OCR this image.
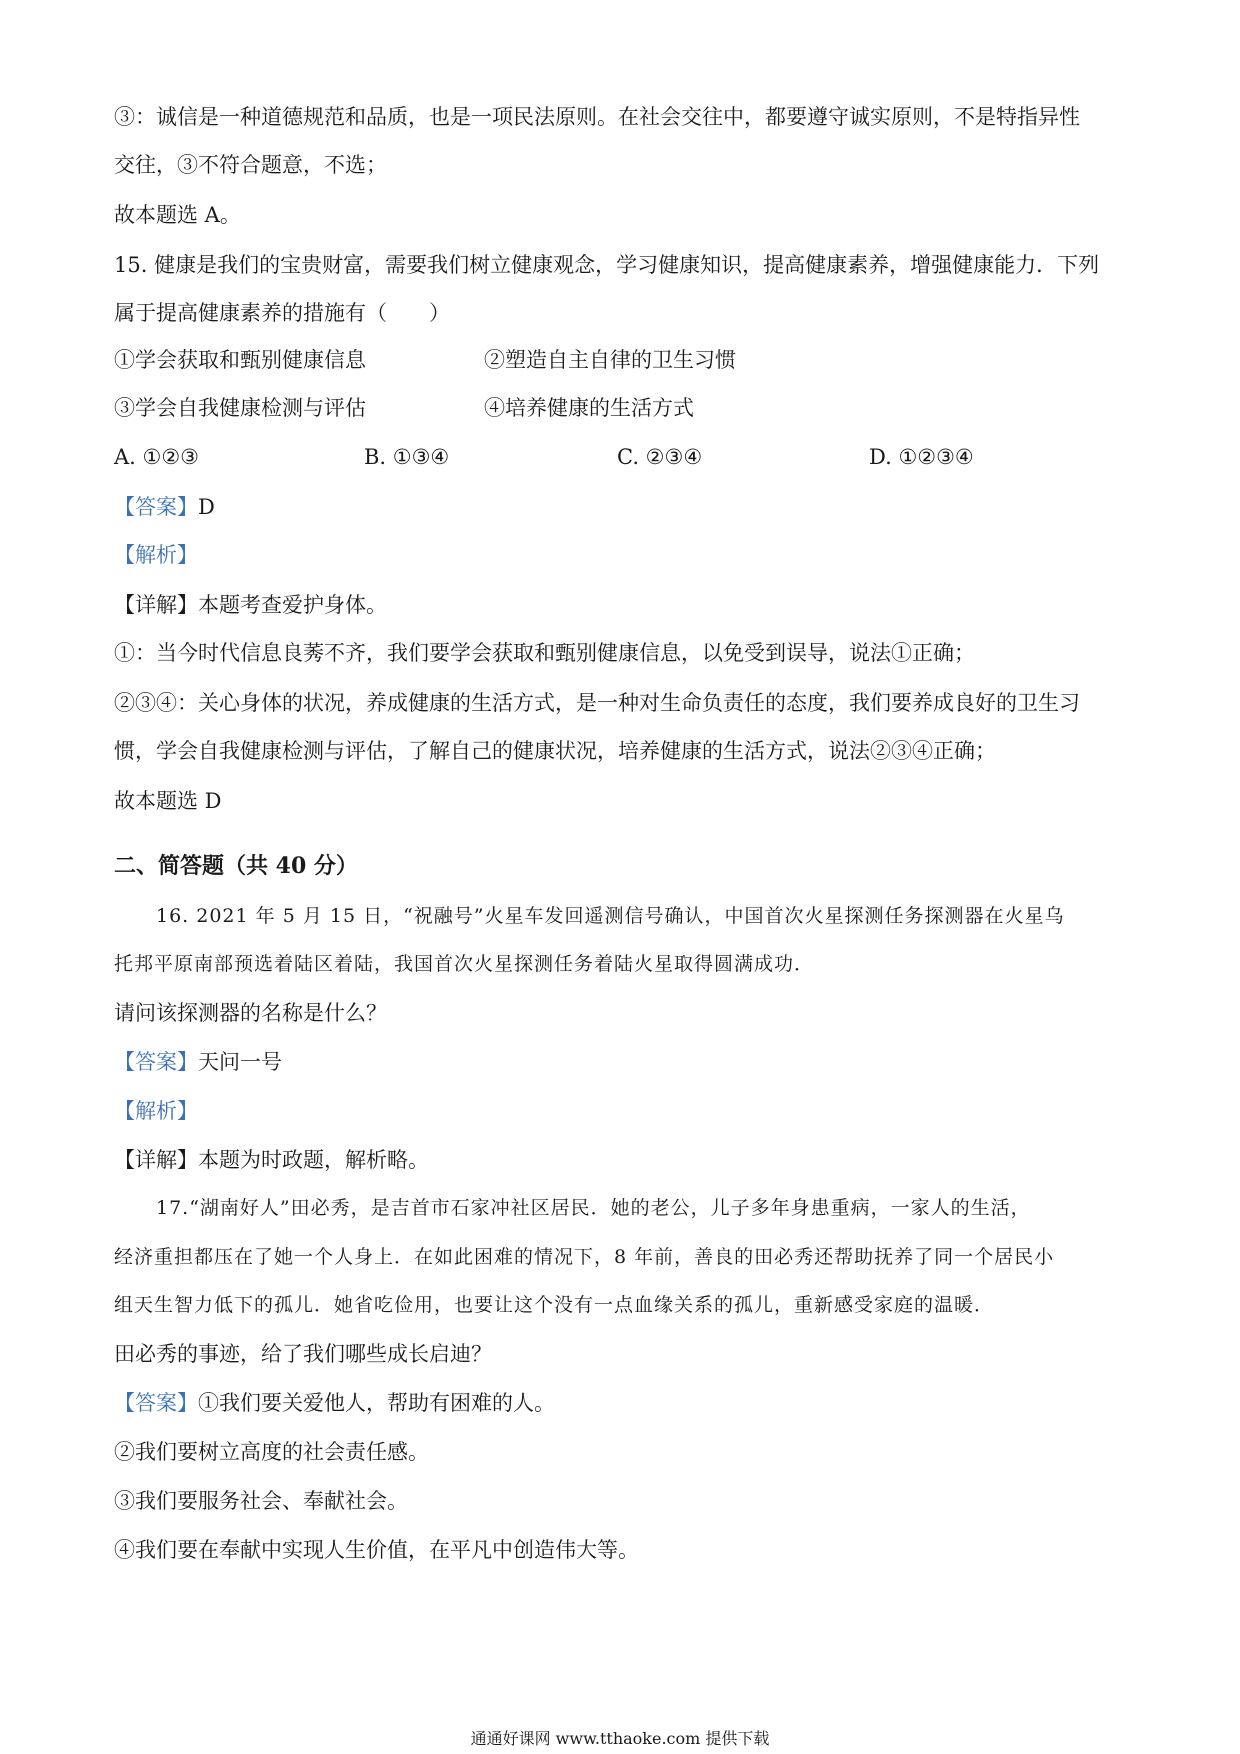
③：诚信是一种道德规范和品质，也是一项民法原则。在社会交往中，都要遵守诚实原则，不是特指异性
交往，③不符合题意，不选；
故本题选 A。
15. 健康是我们的宝贵财富，需要我们树立健康观念，学习健康知识，提高健康素养，增强健康能力．下列
属于提高健康素养的措施有（　　）
①学会获取和甄别健康信息	②塑造自主自律的卫生习惯
③学会自我健康检测与评估	④培养健康的生活方式
A. ①②③	B. ①③④	C. ②③④	D. ①②③④
【答案】D
【解析】
【详解】本题考查爱护身体。
①：当今时代信息良莠不齐，我们要学会获取和甄别健康信息，以免受到误导，说法①正确；
②③④：关心身体的状况，养成健康的生活方式，是一种对生命负责任的态度，我们要养成良好的卫生习
惯，学会自我健康检测与评估，了解自己的健康状况，培养健康的生活方式，说法②③④正确；
故本题选 D
二、简答题（共 40 分）
16. 2021 年 5 月 15 日，“祝融号”火星车发回遥测信号确认，中国首次火星探测任务探测器在火星乌
托邦平原南部预选着陆区着陆，我国首次火星探测任务着陆火星取得圆满成功．
请问该探测器的名称是什么？
【答案】天问一号
【解析】
【详解】本题为时政题，解析略。
17.“湖南好人”田必秀，是吉首市石家冲社区居民．她的老公，儿子多年身患重病，一家人的生活，
经济重担都压在了她一个人身上．在如此困难的情况下，8 年前，善良的田必秀还帮助抚养了同一个居民小
组天生智力低下的孤儿．她省吃俭用，也要让这个没有一点血缘关系的孤儿，重新感受家庭的温暖．
田必秀的事迹，给了我们哪些成长启迪？
【答案】①我们要关爱他人，帮助有困难的人。
②我们要树立高度的社会责任感。
③我们要服务社会、奉献社会。
④我们要在奉献中实现人生价值，在平凡中创造伟大等。
通通好课网 www.tthaoke.com 提供下载
